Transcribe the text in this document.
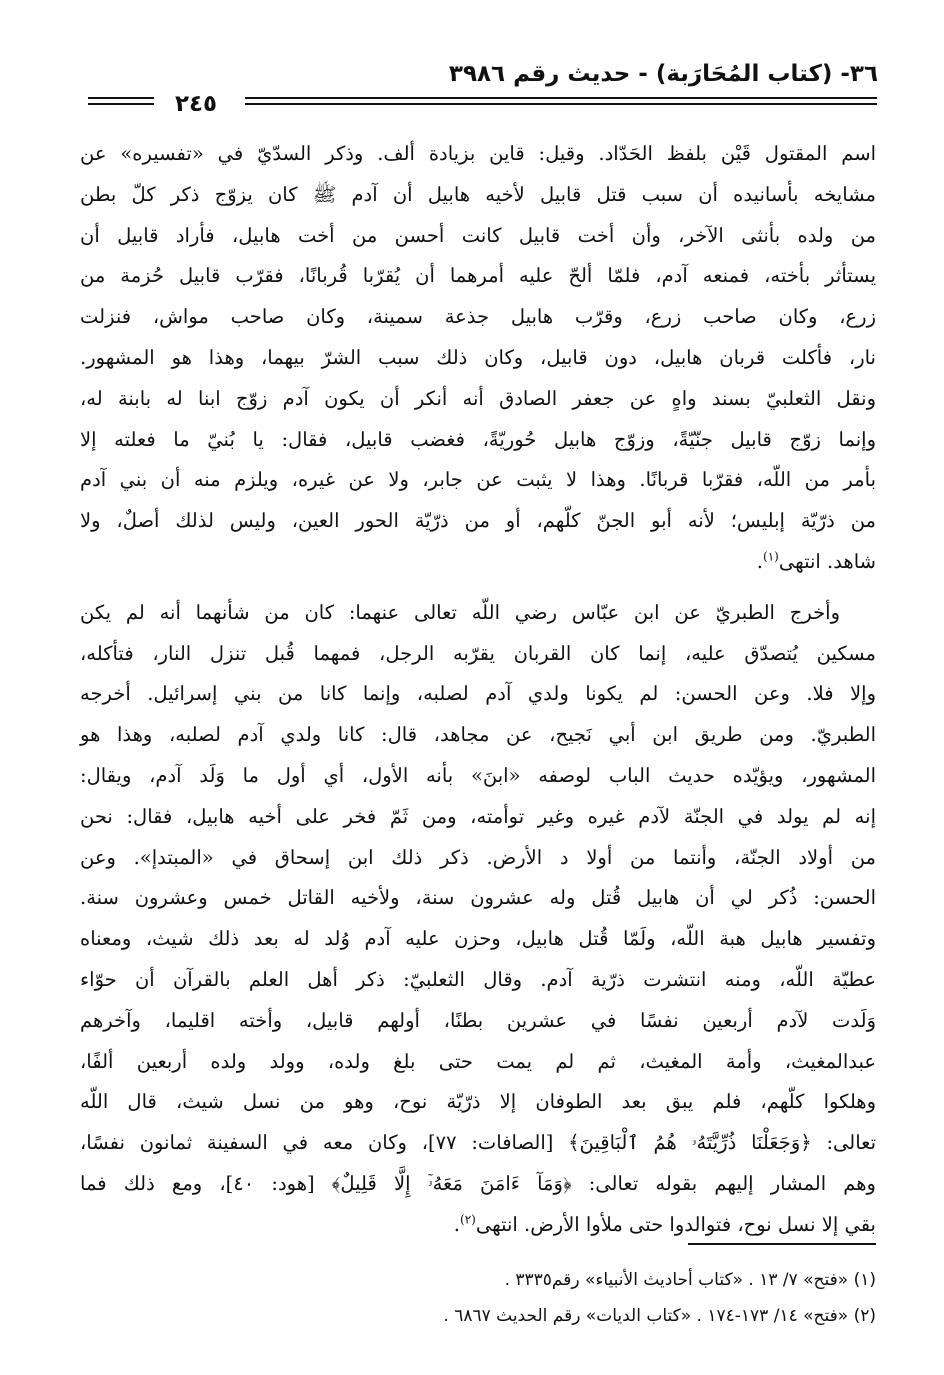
٣٦- (كتاب المُحَارَبة) - حديث رقم ٣٩٨٦
٢٤٥
اسم المقتول قَيْن بلفظ الحَدّاد. وقيل: قاين بزيادة ألف. وذكر السدّيّ في «تفسيره» عن
مشايخه بأسانيده أن سبب قتل قابيل لأخيه هابيل أن آدم ﷺ كان يزوّج ذكر كلّ بطن
من ولده بأنثى الآخر، وأن أخت قابيل كانت أحسن من أخت هابيل، فأراد قابيل أن
يستأثر بأخته، فمنعه آدم، فلمّا ألحّ عليه أمرهما أن يُقرّبا قُربانًا، فقرّب قابيل حُزمة من
زرع، وكان صاحب زرع، وقرّب هابيل جذعة سمينة، وكان صاحب مواش، فنزلت
نار، فأكلت قربان هابيل، دون قابيل، وكان ذلك سبب الشرّ بيهما، وهذا هو المشهور.
ونقل الثعلبيّ بسند واهٍ عن جعفر الصادق أنه أنكر أن يكون آدم زوّج ابنا له بابنة له،
وإنما زوّج قابيل جنّيّةً، وزوّج هابيل حُوريّةً، فغضب قابيل، فقال: يا بُنيّ ما فعلته إلا
بأمر من اللّه، فقرّبا قربانًا. وهذا لا يثبت عن جابر، ولا عن غيره، ويلزم منه أن بني آدم
من ذرّيّة إبليس؛ لأنه أبو الجنّ كلّهم، أو من ذرّيّة الحور العين، وليس لذلك أصلٌ، ولا
شاهد. انتهى$^{(١)}$.
وأخرج الطبريّ عن ابن عبّاس رضي اللّه تعالى عنهما: كان من شأنهما أنه لم يكن
مسكين يُتصدّق عليه، إنما كان القربان يقرّبه الرجل، فمهما قُبل تنزل النار، فتأكله،
وإلا فلا. وعن الحسن: لم يكونا ولدي آدم لصلبه، وإنما كانا من بني إسرائيل. أخرجه
الطبريّ. ومن طريق ابن أبي نَجيح، عن مجاهد، قال: كانا ولدي آدم لصلبه، وهذا هو
المشهور، ويؤيّده حديث الباب لوصفه «ابنَ» بأنه الأول، أي أول ما وَلَد آدم، ويقال:
إنه لم يولد في الجنّة لآدم غيره وغير توأمته، ومن ثَمّ فخر على أخيه هابيل، فقال: نحن
من أولاد الجنّة، وأنتما من أولا د الأرض. ذكر ذلك ابن إسحاق في «المبتدإ». وعن
الحسن: ذُكر لي أن هابيل قُتل وله عشرون سنة، ولأخيه القاتل خمس وعشرون سنة.
وتفسير هابيل هبة اللّه، ولَمّا قُتل هابيل، وحزن عليه آدم وُلد له بعد ذلك شيث، ومعناه
عطيّة اللّه، ومنه انتشرت ذرّية آدم. وقال الثعلبيّ: ذكر أهل العلم بالقرآن أن حوّاء
وَلَدت لآدم أربعين نفسًا في عشرين بطنًا، أولهم قابيل، وأخته اقليما، وآخرهم
عبدالمغيث، وأمة المغيث، ثم لم يمت حتى بلغ ولده، وولد ولده أربعين ألفًا،
وهلكوا كلّهم، فلم يبق بعد الطوفان إلا ذرّيّة نوح، وهو من نسل شيث، قال اللّه
تعالى: ﴿وَجَعَلْنَا ذُرِّيَّتَهُۥ هُمُ ٱلْبَاقِينَ﴾ [الصافات: ٧٧]، وكان معه في السفينة ثمانون نفسًا،
وهم المشار إليهم بقوله تعالى: ﴿وَمَآ ءَامَنَ مَعَهُۥٓ إِلَّا قَلِيلٌ﴾ [هود: ٤٠]، ومع ذلك فما
بقي إلا نسل نوح، فتوالدوا حتى ملأوا الأرض. انتهى$^{(٢)}$.
(١) «فتح» ٧/ ١٣ . «كتاب أحاديث الأنبياء» رقم٣٣٣٥ .
(٢) «فتح» ١٤/ ١٧٣-١٧٤ . «كتاب الديات» رقم الحديث ٦٨٦٧ .
